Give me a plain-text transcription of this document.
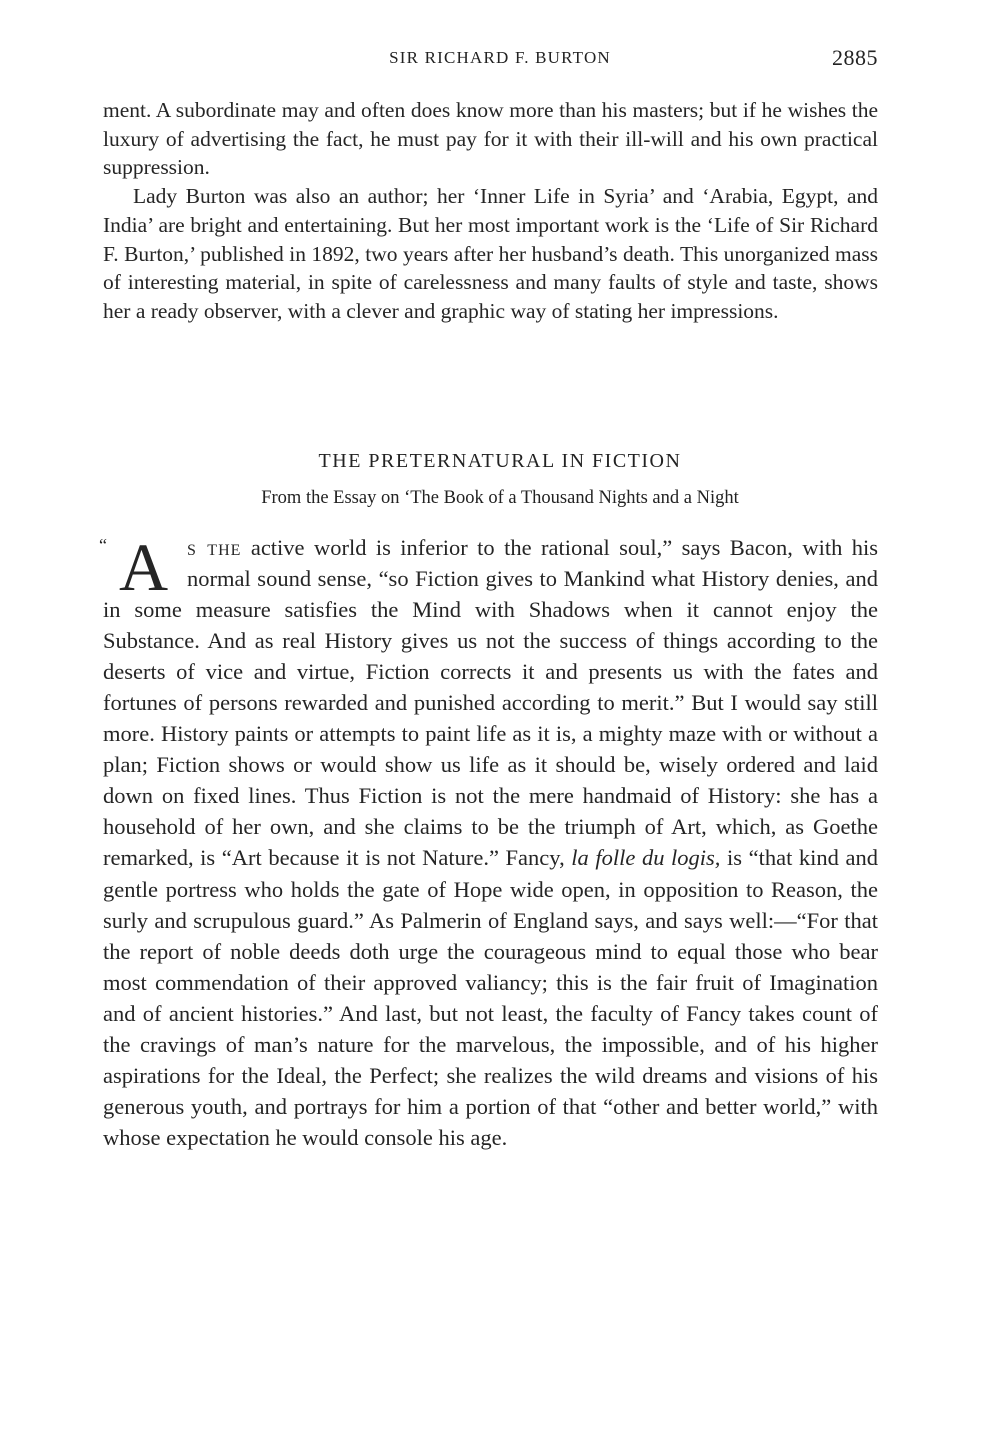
SIR RICHARD F. BURTON	2885

ment. A subordinate may and often does know more than his masters; but if he wishes the luxury of advertising the fact, he must pay for it with their ill-will and his own practical suppression.

Lady Burton was also an author; her ‘Inner Life in Syria’ and ‘Arabia, Egypt, and India’ are bright and entertaining. But her most important work is the ‘Life of Sir Richard F. Burton,’ published in 1892, two years after her husband’s death. This unorganized mass of interesting material, in spite of carelessness and many faults of style and taste, shows her a ready observer, with a clever and graphic way of stating her impressions.

THE PRETERNATURAL IN FICTION
From the Essay on ‘The Book of a Thousand Nights and a Night

“ A s the active world is inferior to the rational soul,” says Bacon, with his normal sound sense, “so Fiction gives to Mankind what History denies, and in some measure satisfies the Mind with Shadows when it cannot enjoy the Substance. And as real History gives us not the success of things according to the deserts of vice and virtue, Fiction corrects it and presents us with the fates and fortunes of persons rewarded and punished according to merit.” But I would say still more. History paints or attempts to paint life as it is, a mighty maze with or without a plan; Fiction shows or would show us life as it should be, wisely ordered and laid down on fixed lines. Thus Fiction is not the mere handmaid of History: she has a household of her own, and she claims to be the triumph of Art, which, as Goethe remarked, is “Art because it is not Nature.” Fancy, la folle du logis, is “that kind and gentle portress who holds the gate of Hope wide open, in opposition to Reason, the surly and scrupulous guard.” As Palmerin of England says, and says well:—“For that the report of noble deeds doth urge the courageous mind to equal those who bear most commendation of their approved valiancy; this is the fair fruit of Imagination and of ancient histories.” And last, but not least, the faculty of Fancy takes count of the cravings of man’s nature for the marvelous, the impossible, and of his higher aspirations for the Ideal, the Perfect; she realizes the wild dreams and visions of his generous youth, and portrays for him a portion of that “other and better world,” with whose expectation he would console his age.
